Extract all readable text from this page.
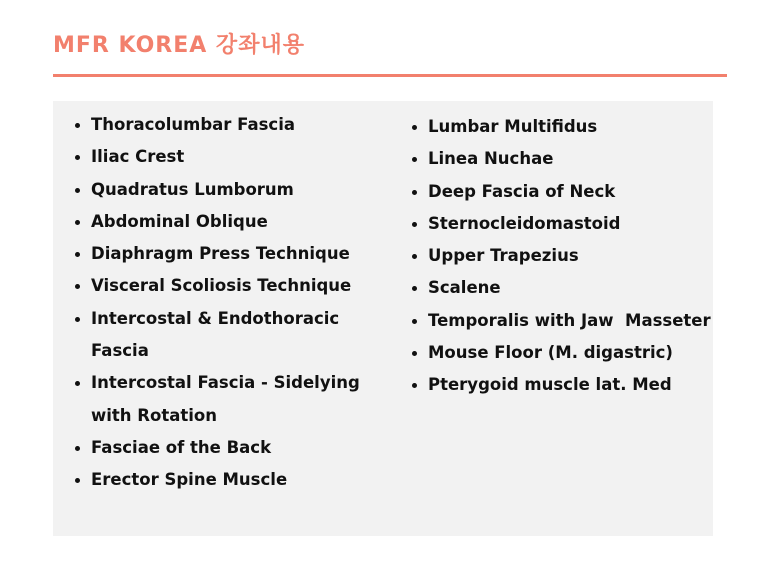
MFR KOREA 강좌내용
Thoracolumbar Fascia
Iliac Crest
Quadratus Lumborum
Abdominal Oblique
Diaphragm Press Technique
Visceral Scoliosis Technique
Intercostal & Endothoracic Fascia
Intercostal Fascia - Sidelying with Rotation
Fasciae of the Back
Erector Spine Muscle
Lumbar Multifidus
Linea Nuchae
Deep Fascia of Neck
Sternocleidomastoid
Upper Trapezius
Scalene
Temporalis with Jaw  Masseter
Mouse Floor (M. digastric)
Pterygoid muscle lat. Med
